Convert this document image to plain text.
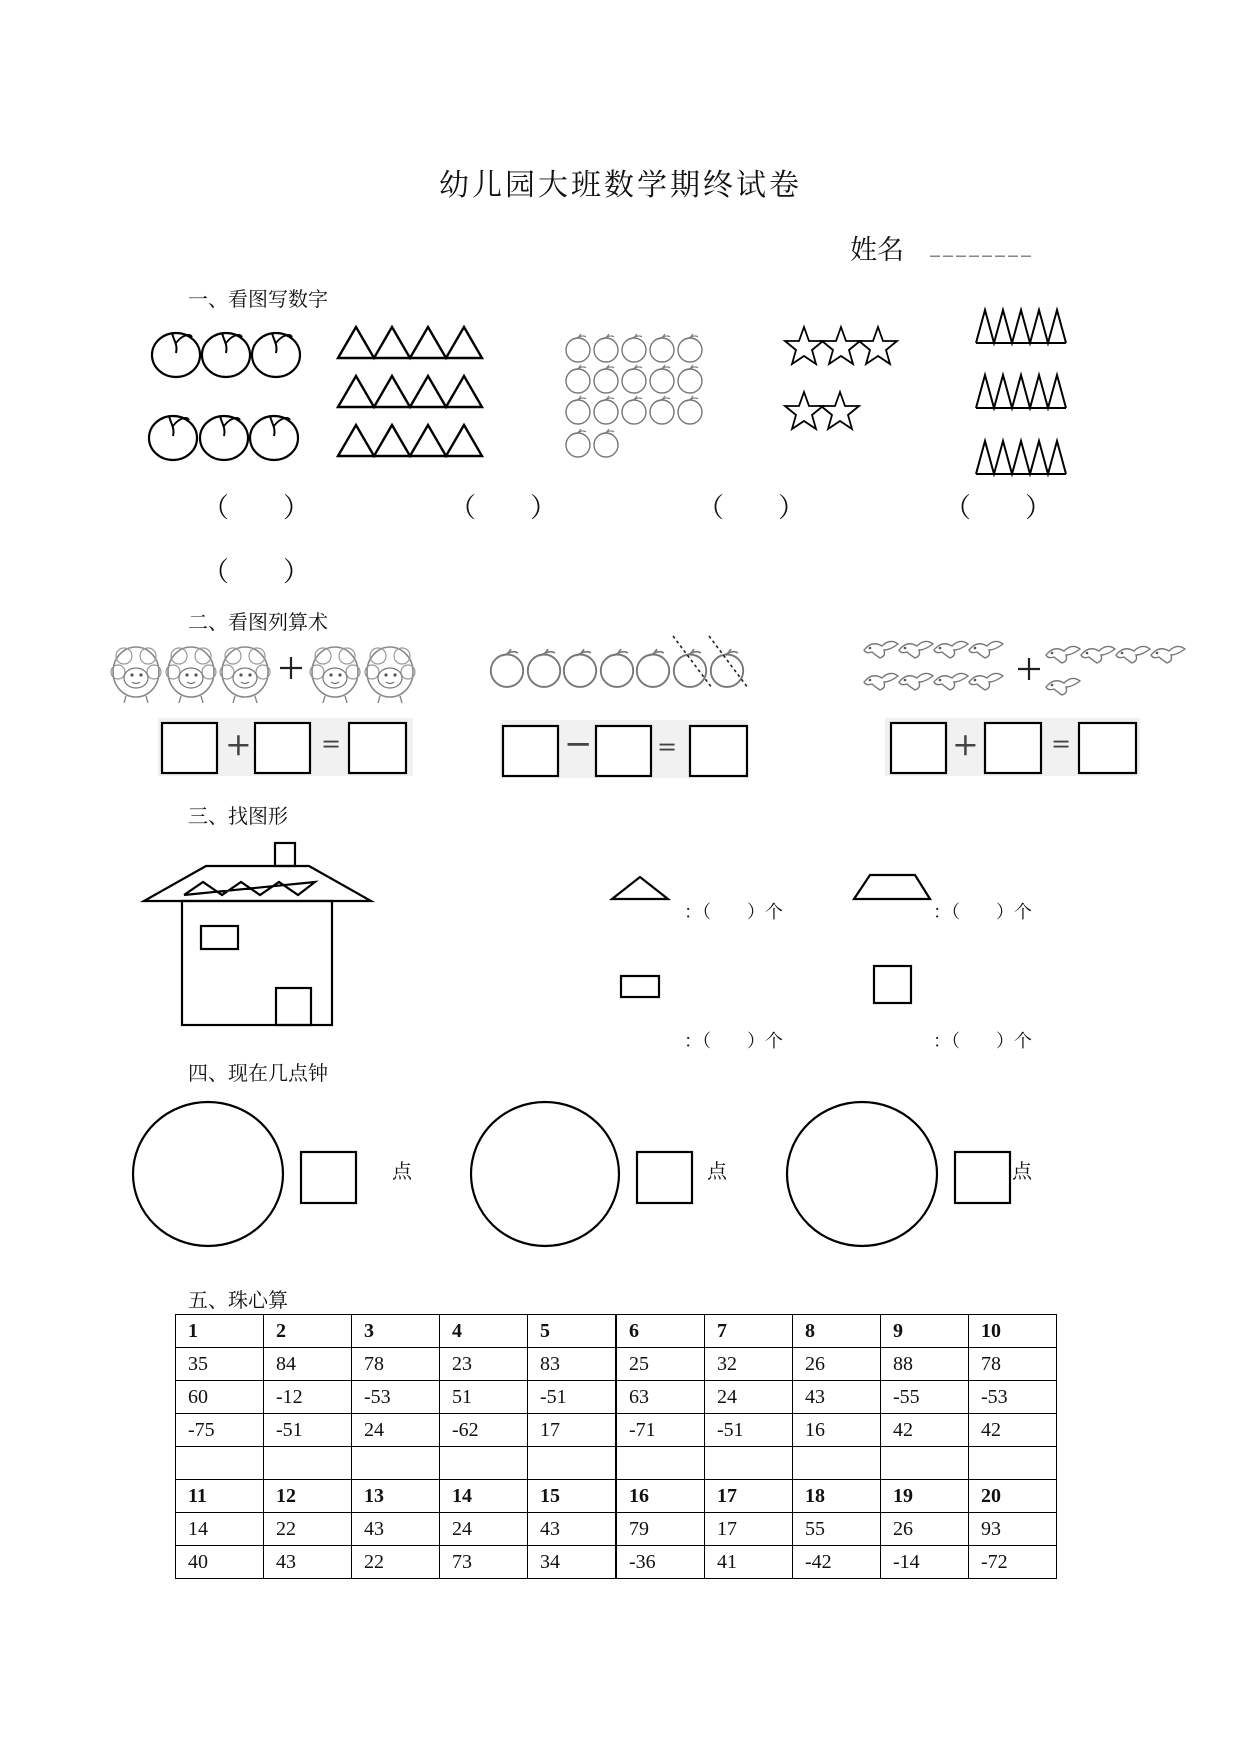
幼儿园大班数学期终试卷
姓名 ________
一、看图写数字
二、看图列算术
三、找图形
四、现在几点钟
五、珠心算
+	=	−	=	+	=
（　　）	（　　）	（　　）	（　　）
（　　）
：（　　）个	：（　　）个
：（　　）个	：（　　）个
点	点	点
1	2	3	4	5	6	7	8	9	10
35	84	78	23	83	25	32	26	88	78
60	-12	-53	51	-51	63	24	43	-55	-53
-75	-51	24	-62	17	-71	-51	16	42	42

11	12	13	14	15	16	17	18	19	20
14	22	43	24	43	79	17	55	26	93
40	43	22	73	34	-36	41	-42	-14	-72
